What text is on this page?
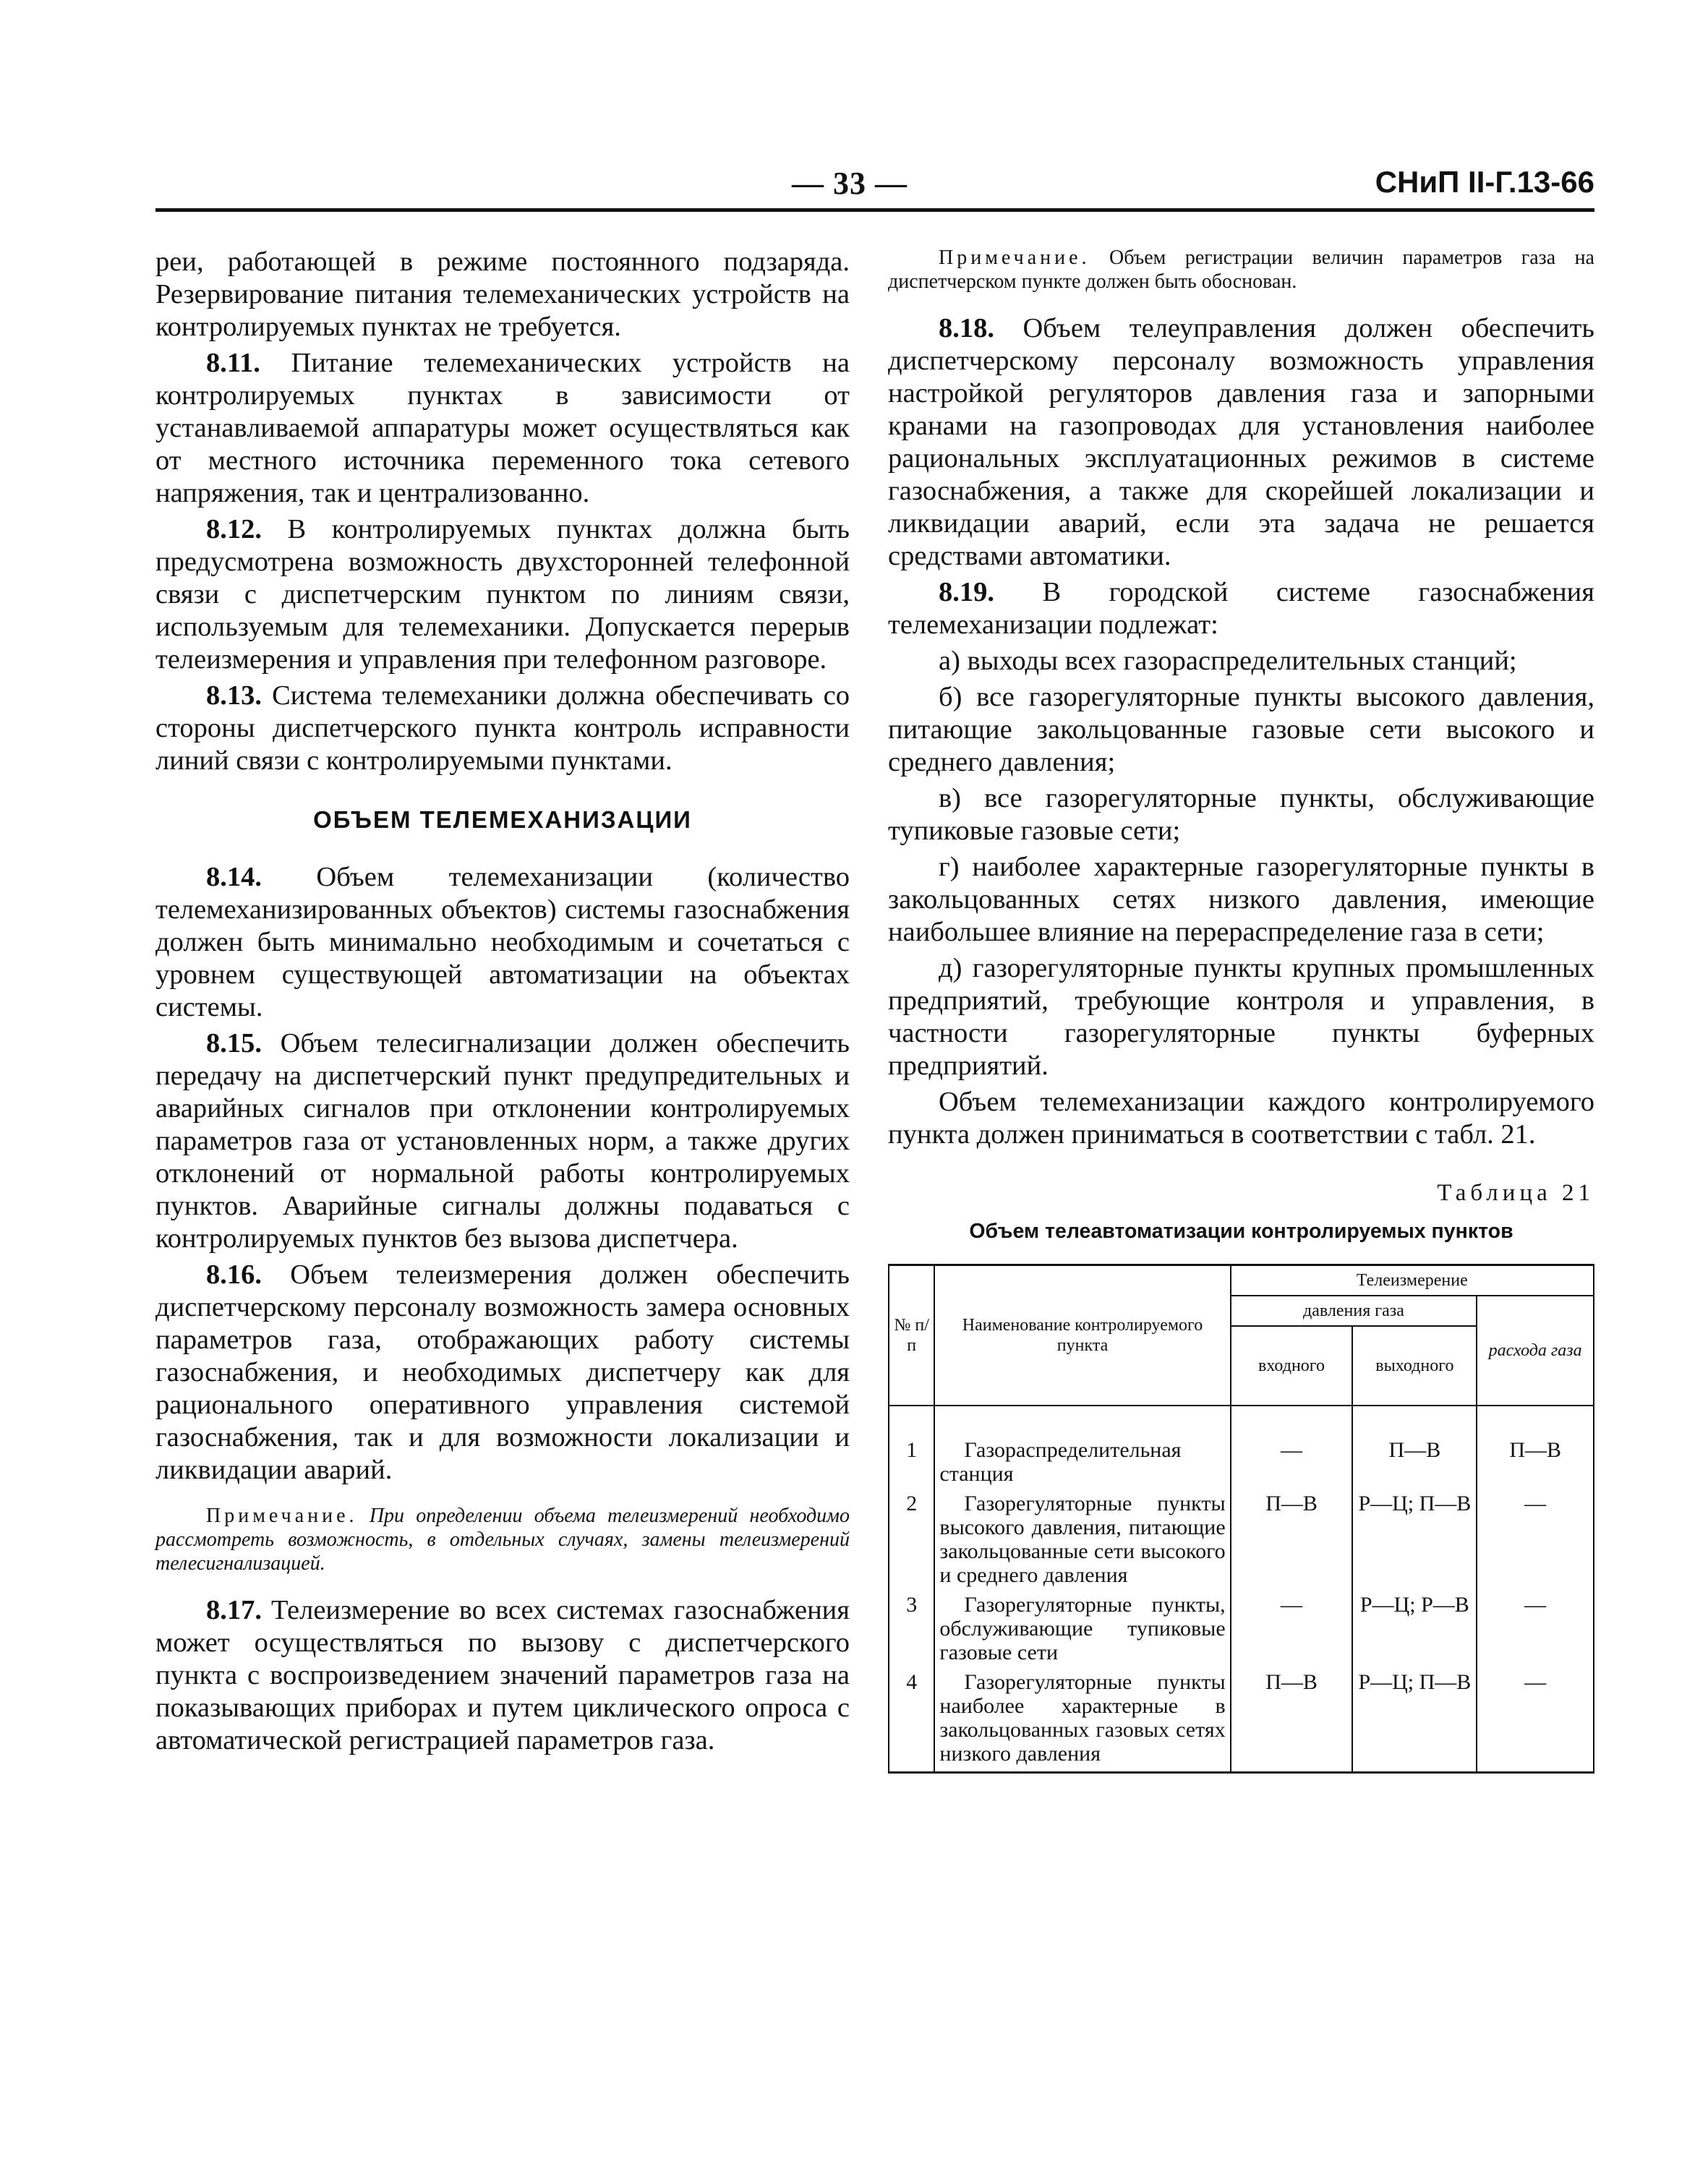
— 33 —	СНиП II-Г.13-66

реи, работающей в режиме постоянного подзаряда. Резервирование питания телемеханических устройств на контролируемых пунктах не требуется.

8.11. Питание телемеханических устройств на контролируемых пунктах в зависимости от устанавливаемой аппаратуры может осуществляться как от местного источника переменного тока сетевого напряжения, так и централизованно.

8.12. В контролируемых пунктах должна быть предусмотрена возможность двухсторонней телефонной связи с диспетчерским пунктом по линиям связи, используемым для телемеханики. Допускается перерыв телеизмерения и управления при телефонном разговоре.

8.13. Система телемеханики должна обеспечивать со стороны диспетчерского пункта контроль исправности линий связи с контролируемыми пунктами.

ОБЪЕМ ТЕЛЕМЕХАНИЗАЦИИ

8.14. Объем телемеханизации (количество телемеханизированных объектов) системы газоснабжения должен быть минимально необходимым и сочетаться с уровнем существующей автоматизации на объектах системы.

8.15. Объем телесигнализации должен обеспечить передачу на диспетчерский пункт предупредительных и аварийных сигналов при отклонении контролируемых параметров газа от установленных норм, а также других отклонений от нормальной работы контролируемых пунктов. Аварийные сигналы должны подаваться с контролируемых пунктов без вызова диспетчера.

8.16. Объем телеизмерения должен обеспечить диспетчерскому персоналу возможность замера основных параметров газа, отображающих работу системы газоснабжения, и необходимых диспетчеру как для рационального оперативного управления системой газоснабжения, так и для возможности локализации и ликвидации аварий.

Примечание. При определении объема телеизмерений необходимо рассмотреть возможность, в отдельных случаях, замены телеизмерений телесигнализацией.

8.17. Телеизмерение во всех системах газоснабжения может осуществляться по вызову с диспетчерского пункта с воспроизведением значений параметров газа на показывающих приборах и путем циклического опроса с автоматической регистрацией параметров газа.

Примечание. Объем регистрации величин параметров газа на диспетчерском пункте должен быть обоснован.

8.18. Объем телеуправления должен обеспечить диспетчерскому персоналу возможность управления настройкой регуляторов давления газа и запорными кранами на газопроводах для установления наиболее рациональных эксплуатационных режимов в системе газоснабжения, а также для скорейшей локализации и ликвидации аварий, если эта задача не решается средствами автоматики.

8.19. В городской системе газоснабжения телемеханизации подлежат:

а) выходы всех газораспределительных станций;

б) все газорегуляторные пункты высокого давления, питающие закольцованные газовые сети высокого и среднего давления;

в) все газорегуляторные пункты, обслуживающие тупиковые газовые сети;

г) наиболее характерные газорегуляторные пункты в закольцованных сетях низкого давления, имеющие наибольшее влияние на перераспределение газа в сети;

д) газорегуляторные пункты крупных промышленных предприятий, требующие контроля и управления, в частности газорегуляторные пункты буферных предприятий.

Объем телемеханизации каждого контролируемого пункта должен приниматься в соответствии с табл. 21.

Таблица 21
Объем телеавтоматизации контролируемых пунктов
№ п/п	Наименование контролируемого пункта	Телеизмерение		
		давления газа		расхода газа
		входного	выходного	
1	Газораспределительная станция	—	П—В	П—В
2	Газорегуляторные пункты высокого давления, питающие закольцованные сети высокого и среднего давления	П—В	Р—Ц; П—В	—
3	Газорегуляторные пункты, обслуживающие тупиковые газовые сети	—	Р—Ц; Р—В	—
4	Газорегуляторные пункты наиболее характерные в закольцованных газовых сетях низкого давления	П—В	Р—Ц; П—В	—
